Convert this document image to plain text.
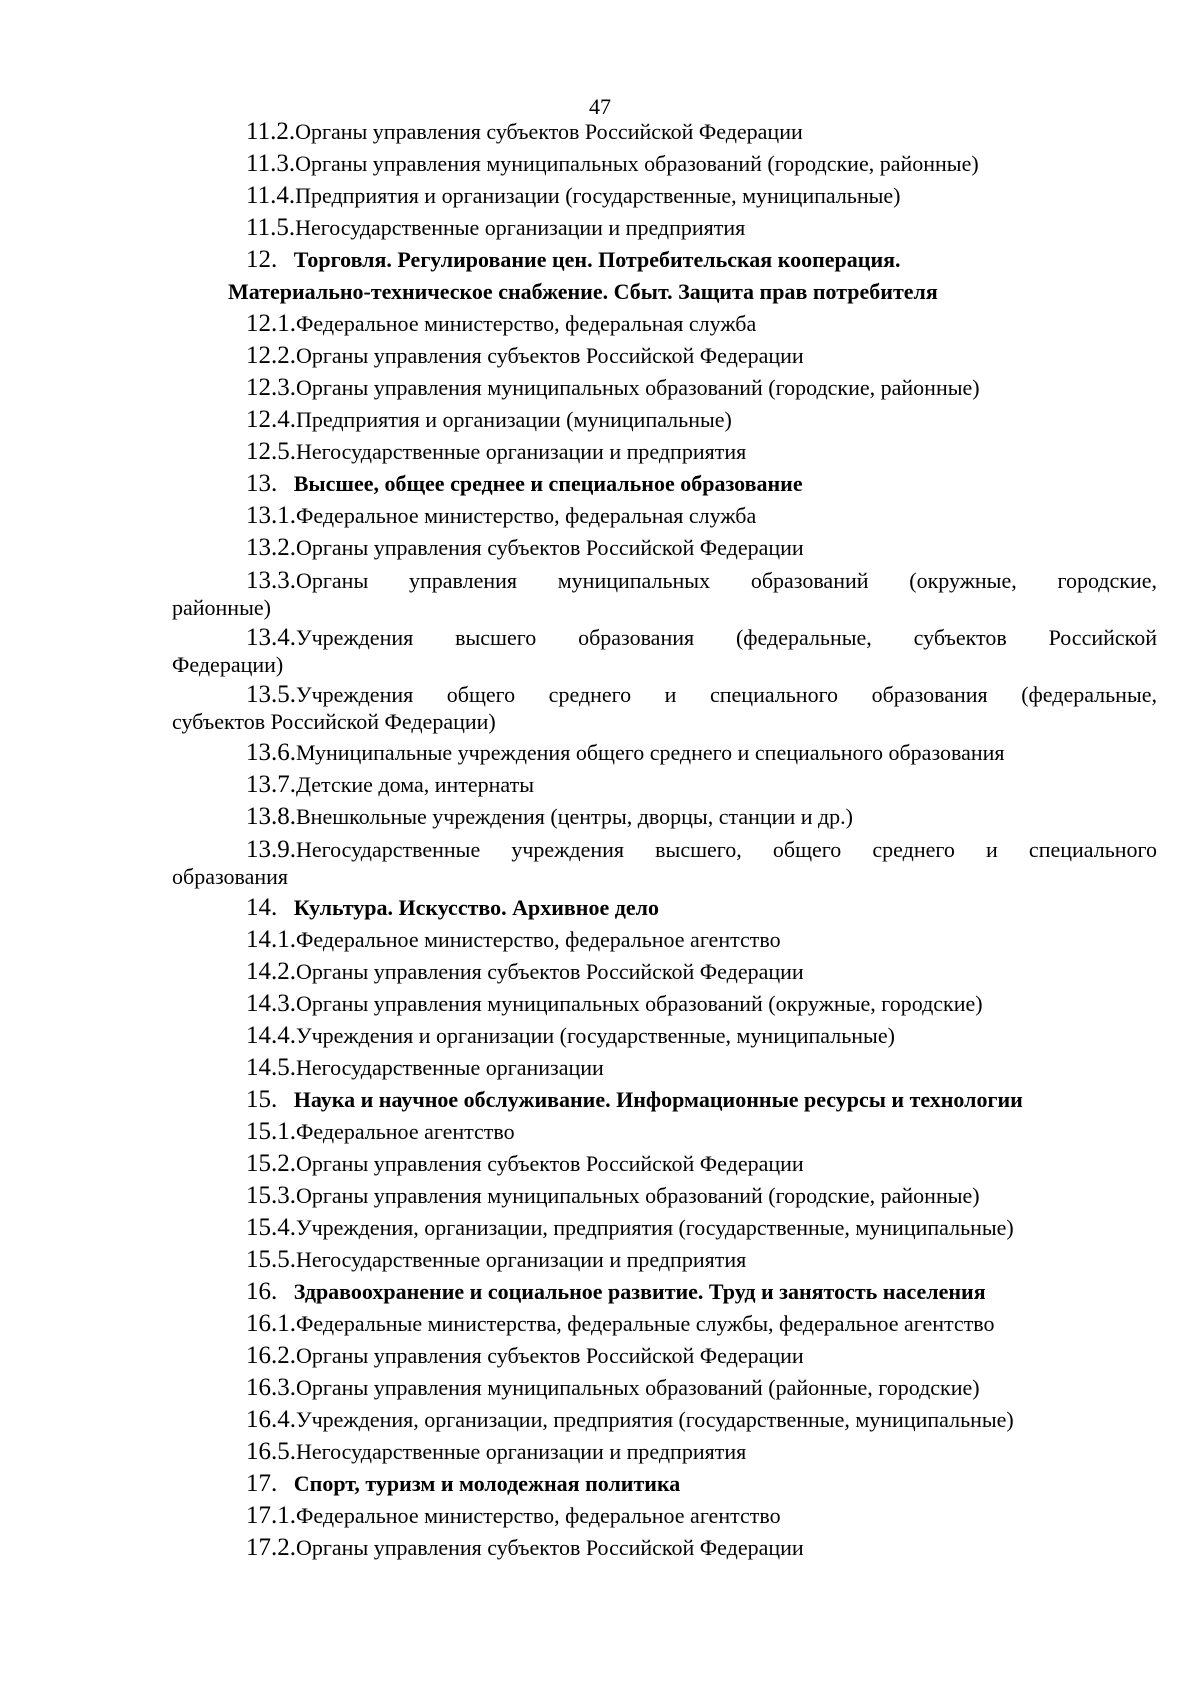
47

11.2.Органы управления субъектов Российской Федерации

11.3.Органы управления муниципальных образований (городские, районные)

11.4.Предприятия и организации (государственные, муниципальные)

11.5.Негосударственные организации и предприятия

12. Торговля. Регулирование цен. Потребительская кооперация.

Материально-техническое снабжение. Сбыт. Защита прав потребителя

12.1.Федеральное министерство, федеральная служба

12.2.Органы управления субъектов Российской Федерации

12.3.Органы управления муниципальных образований (городские, районные)

12.4.Предприятия и организации (муниципальные)

12.5.Негосударственные организации и предприятия

13. Высшее, общее среднее и специальное образование

13.1.Федеральное министерство, федеральная служба

13.2.Органы управления субъектов Российской Федерации

13.3.Органы управления муниципальных образований (окружные, городские,

районные)

13.4.Учреждения высшего образования (федеральные, субъектов Российской

Федерации)

13.5.Учреждения общего среднего и специального образования (федеральные,

субъектов Российской Федерации)

13.6.Муниципальные учреждения общего среднего и специального образования

13.7.Детские дома, интернаты

13.8.Внешкольные учреждения (центры, дворцы, станции и др.)

13.9.Негосударственные учреждения высшего, общего среднего и специального

образования

14. Культура. Искусство. Архивное дело

14.1.Федеральное министерство, федеральное агентство

14.2.Органы управления субъектов Российской Федерации

14.3.Органы управления муниципальных образований (окружные, городские)

14.4.Учреждения и организации (государственные, муниципальные)

14.5.Негосударственные организации

15. Наука и научное обслуживание. Информационные ресурсы и технологии

15.1.Федеральное агентство

15.2.Органы управления субъектов Российской Федерации

15.3.Органы управления муниципальных образований (городские, районные)

15.4.Учреждения, организации, предприятия (государственные, муниципальные)

15.5.Негосударственные организации и предприятия

16. Здравоохранение и социальное развитие. Труд и занятость населения

16.1.Федеральные министерства, федеральные службы, федеральное агентство

16.2.Органы управления субъектов Российской Федерации

16.3.Органы управления муниципальных образований (районные, городские)

16.4.Учреждения, организации, предприятия (государственные, муниципальные)

16.5.Негосударственные организации и предприятия

17. Спорт, туризм и молодежная политика

17.1.Федеральное министерство, федеральное агентство

17.2.Органы управления субъектов Российской Федерации
